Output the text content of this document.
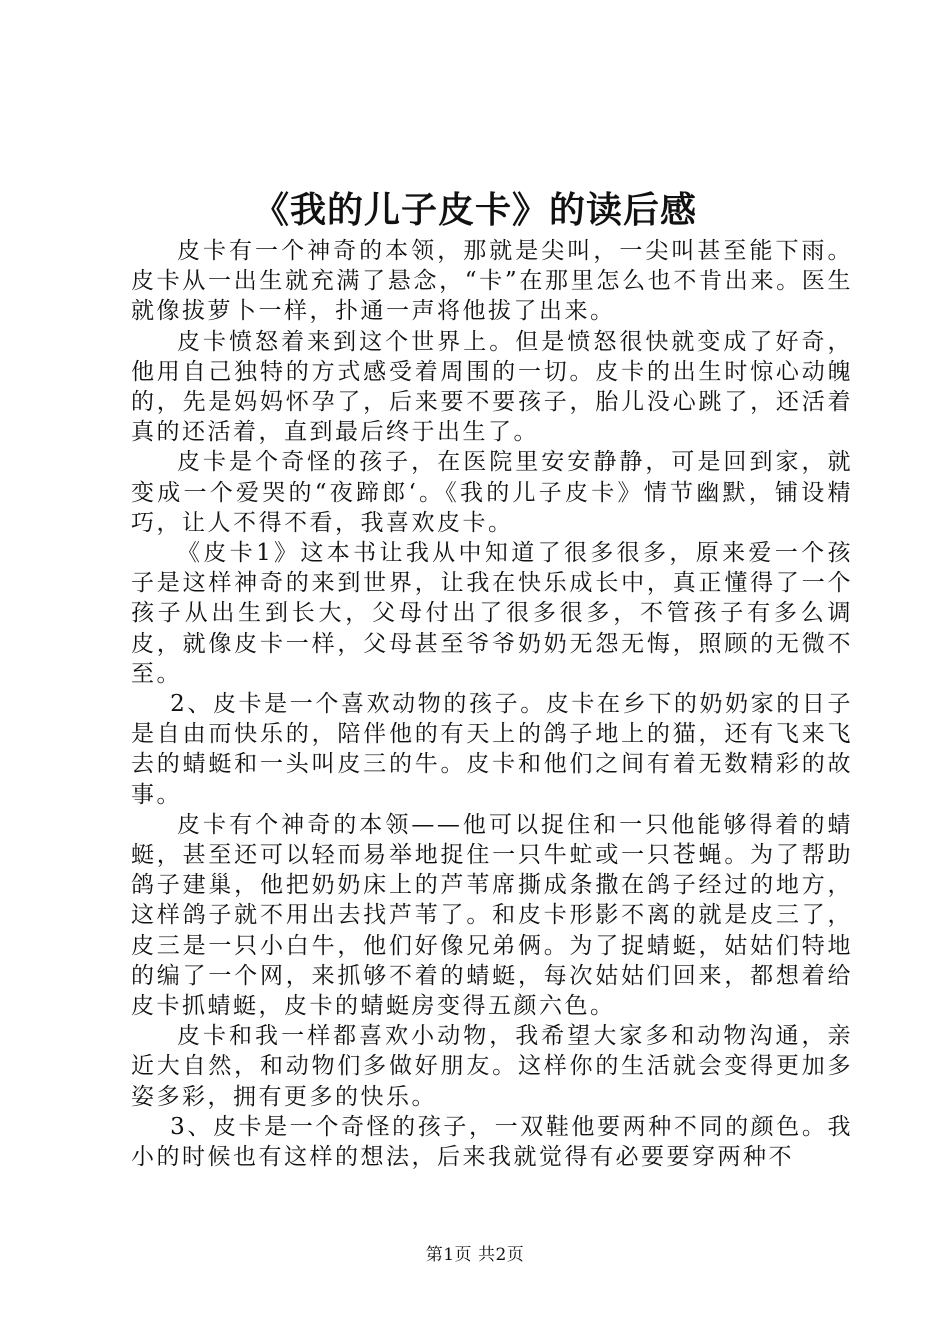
《我的儿子皮卡》的读后感

皮卡有一个神奇的本领，那就是尖叫，一尖叫甚至能下雨。皮卡从一出生就充满了悬念，“卡”在那里怎么也不肯出来。医生就像拔萝卜一样，扑通一声将他拔了出来。

皮卡愤怒着来到这个世界上。但是愤怒很快就变成了好奇，他用自己独特的方式感受着周围的一切。皮卡的出生时惊心动魄的，先是妈妈怀孕了，后来要不要孩子，胎儿没心跳了，还活着真的还活着，直到最后终于出生了。

皮卡是个奇怪的孩子，在医院里安安静静，可是回到家，就变成一个爱哭的“夜蹄郎‘。《我的儿子皮卡》情节幽默，铺设精巧，让人不得不看，我喜欢皮卡。

《皮卡1》这本书让我从中知道了很多很多，原来爱一个孩子是这样神奇的来到世界，让我在快乐成长中，真正懂得了一个孩子从出生到长大，父母付出了很多很多，不管孩子有多么调皮，就像皮卡一样，父母甚至爷爷奶奶无怨无悔，照顾的无微不至。

2、皮卡是一个喜欢动物的孩子。皮卡在乡下的奶奶家的日子是自由而快乐的，陪伴他的有天上的鸽子地上的猫，还有飞来飞去的蜻蜓和一头叫皮三的牛。皮卡和他们之间有着无数精彩的故事。

皮卡有个神奇的本领——他可以捉住和一只他能够得着的蜻蜓，甚至还可以轻而易举地捉住一只牛虻或一只苍蝇。为了帮助鸽子建巢，他把奶奶床上的芦苇席撕成条撒在鸽子经过的地方，这样鸽子就不用出去找芦苇了。和皮卡形影不离的就是皮三了，皮三是一只小白牛，他们好像兄弟俩。为了捉蜻蜓，姑姑们特地的编了一个网，来抓够不着的蜻蜓，每次姑姑们回来，都想着给皮卡抓蜻蜓，皮卡的蜻蜓房变得五颜六色。

皮卡和我一样都喜欢小动物，我希望大家多和动物沟通，亲近大自然，和动物们多做好朋友。这样你的生活就会变得更加多姿多彩，拥有更多的快乐。

3、皮卡是一个奇怪的孩子，一双鞋他要两种不同的颜色。我小的时候也有这样的想法，后来我就觉得有必要要穿两种不

第1页 共2页
